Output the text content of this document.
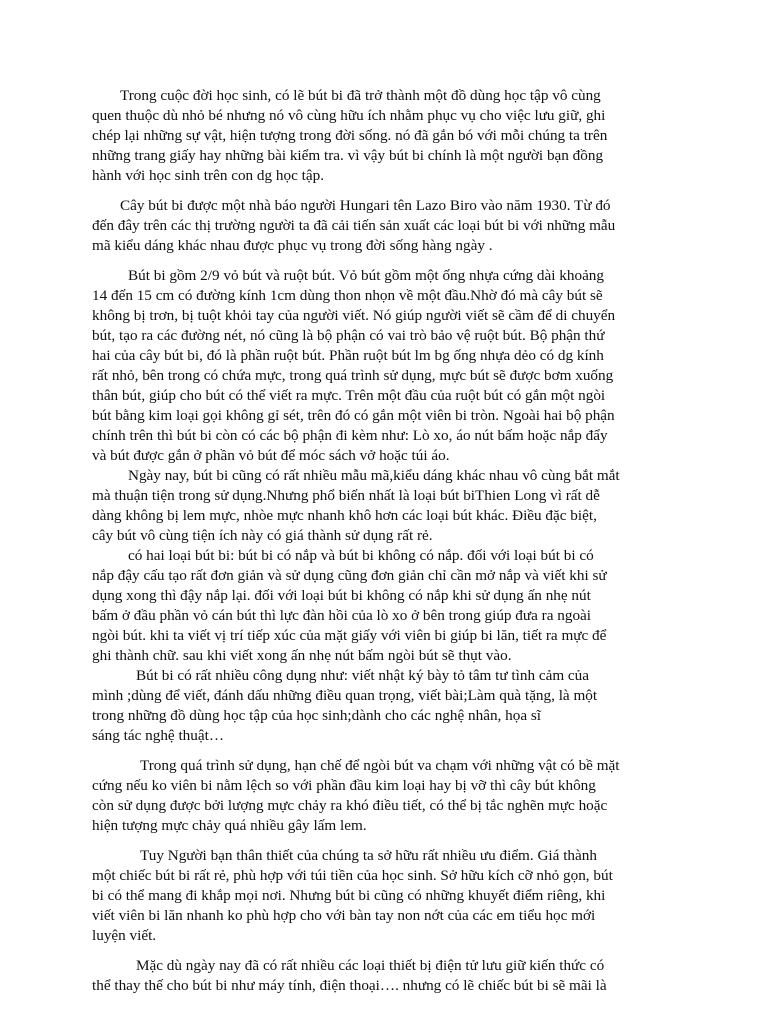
Trong cuộc đời học sinh, có lẽ bút bi đã trở thành một đồ dùng học tập vô cùng
quen thuộc dù nhỏ bé nhưng nó vô cùng hữu ích nhằm phục vụ cho việc lưu giữ, ghi
chép lại những sự vật, hiện tượng trong đời sống. nó đã gắn bó với mỗi chúng ta trên
những trang giấy hay những bài kiểm tra. vì vậy bút bi chính là một người bạn đồng
hành với học sinh trên con dg học tập.

Cây bút bi được một nhà báo người Hungari tên Lazo Biro vào năm 1930. Từ đó
đến đây trên các thị trường người ta đã cải tiến sản xuất các loại bút bi với những mẫu
mã kiểu dáng khác nhau được phục vụ trong đời sống hàng ngày .

Bút bi gồm 2/9 vỏ bút và ruột bút. Vỏ bút gồm một ống nhựa cứng dài khoảng
14 đến 15 cm có đường kính 1cm dùng thon nhọn về một đầu.Nhờ đó mà cây bút sẽ
không bị trơn, bị tuột khỏi tay của người viết. Nó giúp người viết sẽ cầm để di chuyển
bút, tạo ra các đường nét, nó cũng là bộ phận có vai trò bảo vệ ruột bút. Bộ phận thứ
hai của cây bút bi, đó là phần ruột bút. Phần ruột bút lm bg ống nhựa dẻo có dg kính
rất nhỏ, bên trong có chứa mực, trong quá trình sử dụng, mực bút sẽ được bơm xuống
thân bút, giúp cho bút có thể viết ra mực. Trên một đầu của ruột bút có gắn một ngòi
bút bằng kim loại gọi không gỉ sét, trên đó có gắn một viên bi tròn. Ngoài hai bộ phận
chính trên thì bút bi còn có các bộ phận đi kèm như: Lò xo, áo nút bấm hoặc nắp đẩy
và bút được gắn ở phần vỏ bút để móc sách vở hoặc túi áo.

Ngày nay, bút bi cũng có rất nhiều mẫu mã,kiểu dáng khác nhau vô cùng bắt mắt
mà thuận tiện trong sử dụng.Nhưng phổ biến nhất là loại bút biThien Long vì rất dễ
dàng không bị lem mực, nhòe mực nhanh khô hơn các loại bút khác. Điều đặc biệt,
cây bút vô cùng tiện ích này có giá thành sử dụng rất rẻ.

có hai loại bút bi: bút bi có nắp và bút bi không có nắp. đối với loại bút bi có
nắp đậy cấu tạo rất đơn giản và sử dụng cũng đơn giản chỉ cần mở nắp và viết khi sử
dụng xong thì đậy nắp lại. đối với loại bút bi không có nắp khi sử dụng ấn nhẹ nút
bấm ở đầu phần vỏ cán bút thì lực đàn hồi của lò xo ở bên trong giúp đưa ra ngoài
ngòi bút. khi ta viết vị trí tiếp xúc của mặt giấy với viên bi giúp bi lăn, tiết ra mực để
ghi thành chữ. sau khi viết xong ấn nhẹ nút bấm ngòi bút sẽ thụt vào.

Bút bi có rất nhiều công dụng như: viết nhật ký bày tỏ tâm tư tình cảm của
mình ;dùng để viết, đánh dấu những điều quan trọng, viết bài;Làm quà tặng, là một
trong những đồ dùng học tập của học sinh;dành cho các nghệ nhân, họa sĩ
sáng tác nghệ thuật…

Trong quá trình sử dụng, hạn chế để ngòi bút va chạm với những vật có bề mặt
cứng nếu ko viên bi nằm lệch so với phần đầu kim loại hay bị vỡ thì cây bút không
còn sử dụng được bởi lượng mực chảy ra khó điều tiết, có thể bị tắc nghẽn mực hoặc
hiện tượng mực chảy quá nhiều gây lấm lem.

Tuy Người bạn thân thiết của chúng ta sở hữu rất nhiều ưu điểm. Giá thành
một chiếc bút bi rất rẻ, phù hợp với túi tiền của học sinh. Sở hữu kích cỡ nhỏ gọn, bút
bi có thể mang đi khắp mọi nơi. Nhưng bút bi cũng có những khuyết điểm riêng, khi
viết viên bi lăn nhanh ko phù hợp cho với bàn tay non nớt của các em tiểu học mới
luyện viết.

Mặc dù ngày nay đã có rất nhiều các loại thiết bị điện tử lưu giữ kiến thức có
thể thay thế cho bút bi như máy tính, điện thoại…. nhưng có lẽ chiếc bút bi sẽ mãi là
